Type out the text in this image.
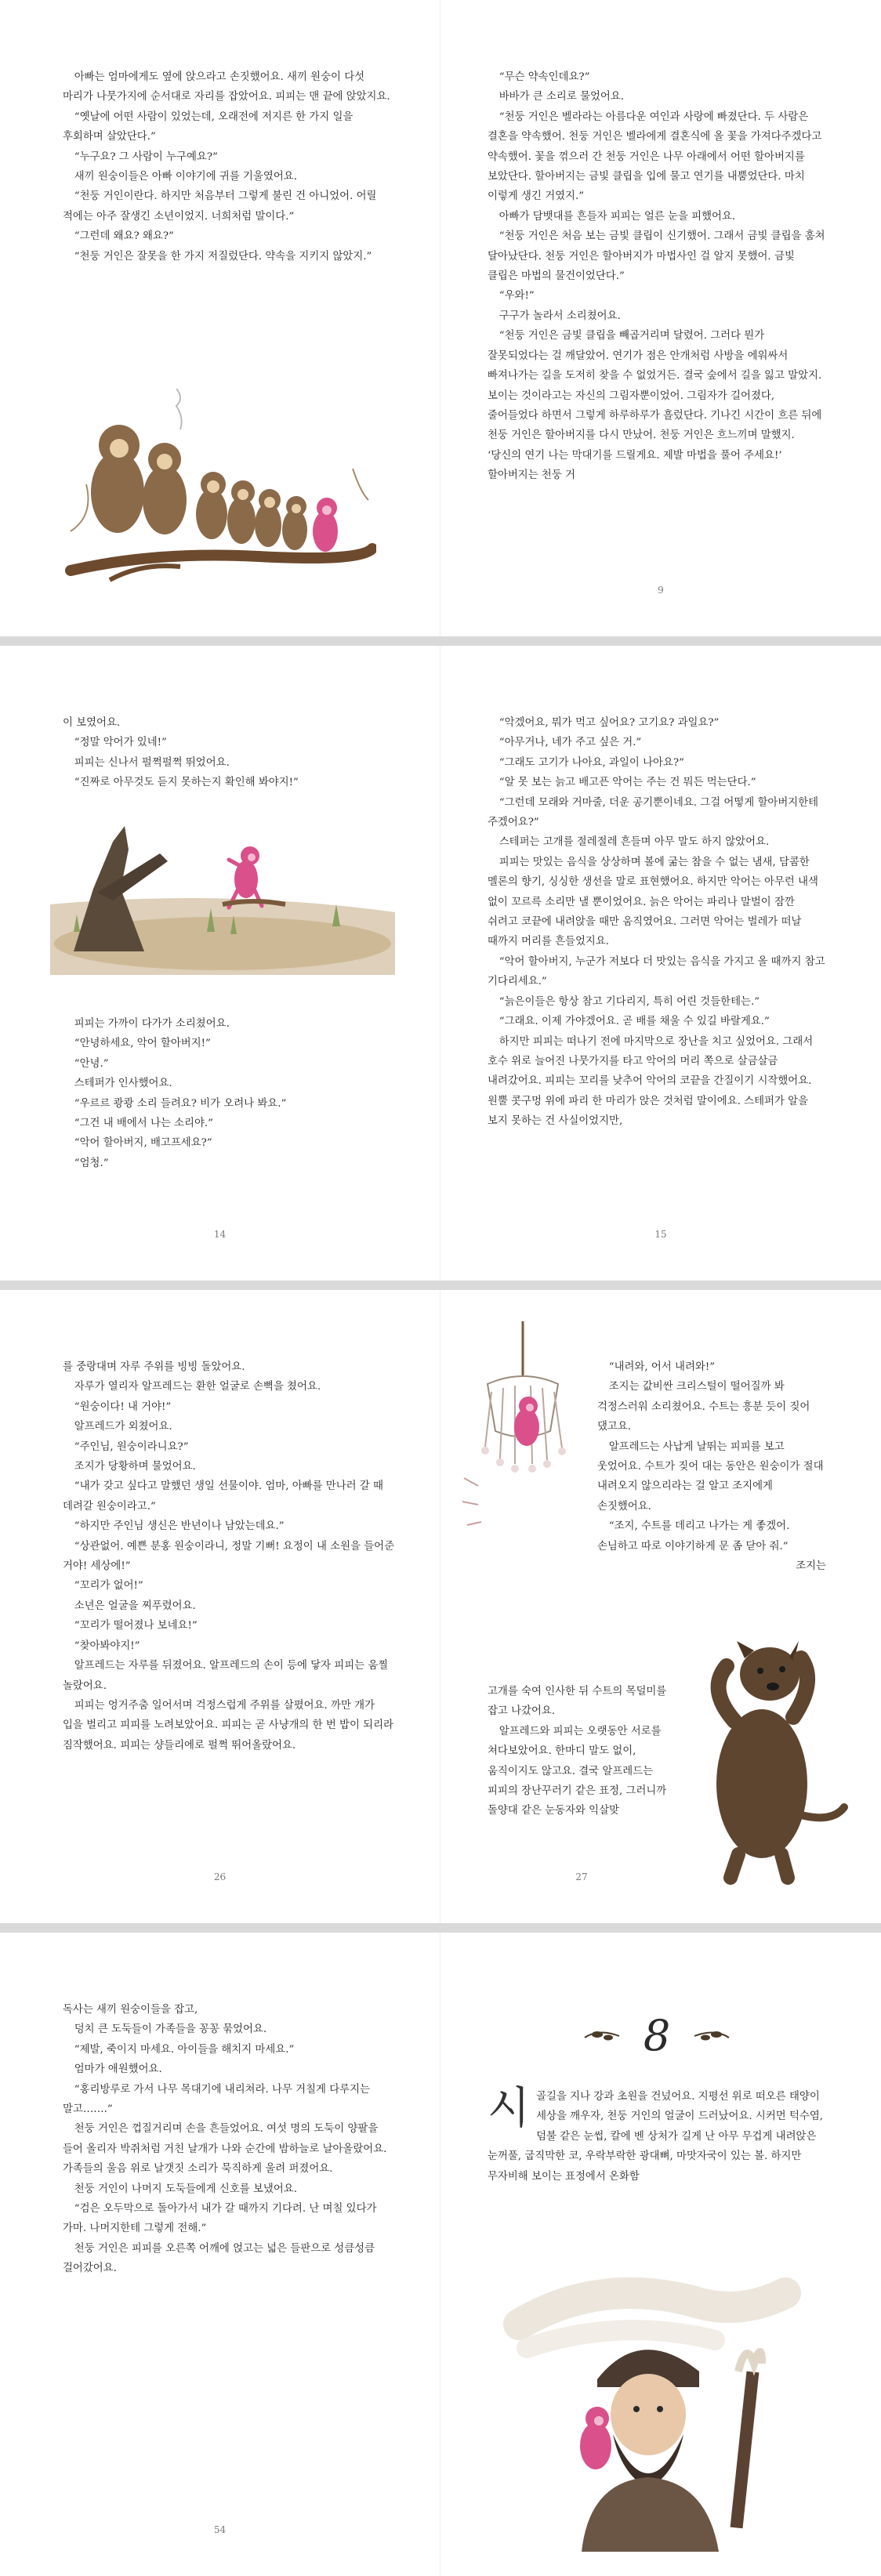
아빠는 엄마에게도 옆에 앉으라고 손짓했어요. 새끼 원숭이 다섯 마리가 나뭇가지에 순서대로 자리를 잡았어요. 피피는 맨 끝에 앉았지요.

“옛날에 어떤 사람이 있었는데, 오래전에 저지른 한 가지 일을 후회하며 살았단다.”

“누구요? 그 사람이 누구예요?”

새끼 원숭이들은 아빠 이야기에 귀를 기울였어요.

“천둥 거인이란다. 하지만 처음부터 그렇게 불린 건 아니었어. 어릴 적에는 아주 잘생긴 소년이었지. 너희처럼 말이다.”

“그런데 왜요? 왜요?”

“천둥 거인은 잘못을 한 가지 저질렀단다. 약속을 지키지 않았지.”

“무슨 약속인데요?”

바바가 큰 소리로 물었어요.

“천둥 거인은 벨라라는 아름다운 여인과 사랑에 빠졌단다. 두 사람은 결혼을 약속했어. 천둥 거인은 벨라에게 결혼식에 올 꽃을 가져다주겠다고 약속했어. 꽃을 꺾으러 간 천둥 거인은 나무 아래에서 어떤 할아버지를 보았단다. 할아버지는 금빛 클립을 입에 물고 연기를 내뿜었단다. 마치 이렇게 생긴 거였지.”

아빠가 담뱃대를 흔들자 피피는 얼른 눈을 피했어요.

“천둥 거인은 처음 보는 금빛 클립이 신기했어. 그래서 금빛 클립을 훔쳐 달아났단다. 천둥 거인은 할아버지가 마법사인 걸 알지 못했어. 금빛 클립은 마법의 물건이었단다.”

“우와!”

구구가 놀라서 소리쳤어요.

“천둥 거인은 금빛 클립을 빼곱거리며 달렸어. 그러다 뭔가 잘못되었다는 걸 깨달았어. 연기가 점은 안개처럼 사방을 에워싸서 빠져나가는 길을 도저히 찾을 수 없었거든. 결국 숲에서 길을 잃고 말았지. 보이는 것이라고는 자신의 그림자뿐이었어. 그림자가 길어졌다, 줄어들었다 하면서 그렇게 하루하루가 흘렀단다. 기나긴 시간이 흐른 뒤에 천둥 거인은 할아버지를 다시 만났어. 천둥 거인은 흐느끼며 말했지. ‘당신의 연기 나는 막대기를 드릴게요. 제발 마법을 풀어 주세요!’ 할아버지는 천둥 거

9

이 보였어요.

“정말 악어가 있네!”

피피는 신나서 펄쩍펄쩍 뛰었어요.

“진짜로 아무것도 듣지 못하는지 확인해 봐야지!”

피피는 가까이 다가가 소리쳤어요.

“안녕하세요, 악어 할아버지!”

“안녕.”

스테퍼가 인사했어요.

“우르르 쾅쾅 소리 들려요? 비가 오려나 봐요.”

“그건 내 배에서 나는 소리야.”

“악어 할아버지, 배고프세요?”

“엄청.”

14

“악겠어요, 뭐가 먹고 싶어요? 고기요? 과일요?”

“아무거나, 네가 주고 싶은 거.”

“그래도 고기가 나아요, 과일이 나아요?”

“알 못 보는 늙고 배고픈 악어는 주는 건 뭐든 먹는단다.”

“그런데 모래와 거마줄, 더운 공기뿐이네요. 그걸 어떻게 할아버지한테 주겠어요?”

스테퍼는 고개를 절레절레 흔들며 아무 말도 하지 않았어요.

피피는 맛있는 음식을 상상하며 볼에 굶는 참을 수 없는 냄새, 담콤한 멜론의 향기, 싱싱한 생선을 말로 표현했어요. 하지만 악어는 아무런 내색 없이 꼬르륵 소리만 낼 뿐이었어요. 늙은 악어는 파리나 말벌이 잠깐 쉬려고 코끝에 내려앉을 때만 움직였어요. 그러면 악어는 벌레가 떠날 때까지 머리를 흔들었지요.

“악어 할아버지, 누군가 저보다 더 맛있는 음식을 가지고 올 때까지 참고 기다리세요.”

“늙은이들은 항상 참고 기다리지, 특히 어린 것들한테는.”

“그래요. 이제 가야겠어요. 곧 배를 채울 수 있길 바랄게요.”

하지만 피피는 떠나기 전에 마지막으로 장난을 치고 싶었어요. 그래서 호수 위로 늘어진 나뭇가지를 타고 악어의 머리 쪽으로 살금살금 내려갔어요. 피피는 꼬리를 낮추어 악어의 코끝을 간질이기 시작했어요. 원뿔 콧구멍 위에 파리 한 마리가 앉은 것처럼 말이에요. 스테퍼가 알을 보지 못하는 건 사실이었지만,

15

를 중랑대며 자루 주위를 빙빙 돌았어요.

자루가 열리자 알프레드는 환한 얼굴로 손뼉을 쳤어요.

“원숭이다! 내 거야!”

알프레드가 외쳤어요.

“주인님, 원숭이라니요?”

조지가 당황하며 물었어요.

“내가 갖고 싶다고 말했던 생일 선물이야. 엄마, 아빠를 만나러 갈 때 데려갈 원숭이라고.”

“하지만 주인님 생신은 반년이나 남았는데요.”

“상관없어. 예쁜 분홍 원숭이라니, 정말 기뻐! 요정이 내 소원을 들어준 거야! 세상에!”

“꼬리가 없어!”

소년은 얼굴을 찌푸렸어요.

“꼬리가 떨어졌나 보네요!”

“찾아봐야지!”

알프레드는 자루를 뒤졌어요. 알프레드의 손이 등에 닿자 피피는 움찔 놀랐어요.

피피는 엉거주춤 일어서며 걱정스럽게 주위를 살폈어요. 까만 개가 입을 벌리고 피피를 노려보았어요. 피피는 곧 사냥개의 한 번 밥이 되리라 짐작했어요. 피피는 샹들리에로 펄쩍 뛰어올랐어요.

26

“내려와, 어서 내려와!”

조지는 값비싼 크리스털이 떨어질까 봐 걱정스러워 소리쳤어요. 수트는 흥분 듯이 짖어 댔고요.

알프레드는 사납게 날뛰는 피피를 보고 웃었어요. 수트가 짖어 대는 동안은 원숭이가 절대 내려오지 않으리라는 걸 알고 조지에게 손짓했어요.

“조지, 수트를 데리고 나가는 게 좋겠어. 손님하고 따로 이야기하게 문 좀 닫아 줘.”

조지는

고개를 숙여 인사한 뒤 수트의 목덜미를 잡고 나갔어요.

알프레드와 피피는 오랫동안 서로를 쳐다보았어요. 한마디 말도 없이, 움직이지도 않고요. 결국 알프레드는 피피의 장난꾸러기 같은 표정, 그러니까 돌양대 같은 눈동자와 익살맞

27

독사는 새끼 원숭이들을 잡고,

덩치 큰 도둑들이 가족들을 꽁꽁 묶었어요.

“제발, 죽이지 마세요. 아이들을 해치지 마세요.”

엄마가 애원했어요.

“홍리방루로 가서 나무 목대기에 내리쳐라. 나무 거칠게 다루지는 말고…….”

천둥 거인은 껍질거리며 손을 흔들었어요. 여섯 명의 도둑이 양팔을 들어 올리자 박쥐처럼 거친 날개가 나와 순간에 밤하늘로 날아올랐어요. 가족들의 울음 위로 날갯짓 소리가 묵직하게 울려 퍼졌어요.

천둥 거인이 나머지 도둑들에게 신호를 보냈어요.

“검은 오두막으로 돌아가서 내가 갈 때까지 기다려. 난 며칠 있다가 가마. 나머지한테 그렇게 전해.”

천둥 거인은 피피를 오른쪽 어깨에 얹고는 넓은 들판으로 성큼성큼 걸어갔어요.

54
8
시 골길을 지나 강과 초원을 건넜어요. 지평선 위로 떠오른 태양이 세상을 깨우자, 천둥 거인의 얼굴이 드러났어요. 시커먼 턱수염, 덤불 같은 눈썹, 칼에 벤 상처가 길게 난 아무 무겁게 내려앉은 눈꺼풀, 굽직막한 코, 우락부락한 광대뼈, 마맛자국이 있는 볼. 하지만 무자비해 보이는 표정에서 온화함
